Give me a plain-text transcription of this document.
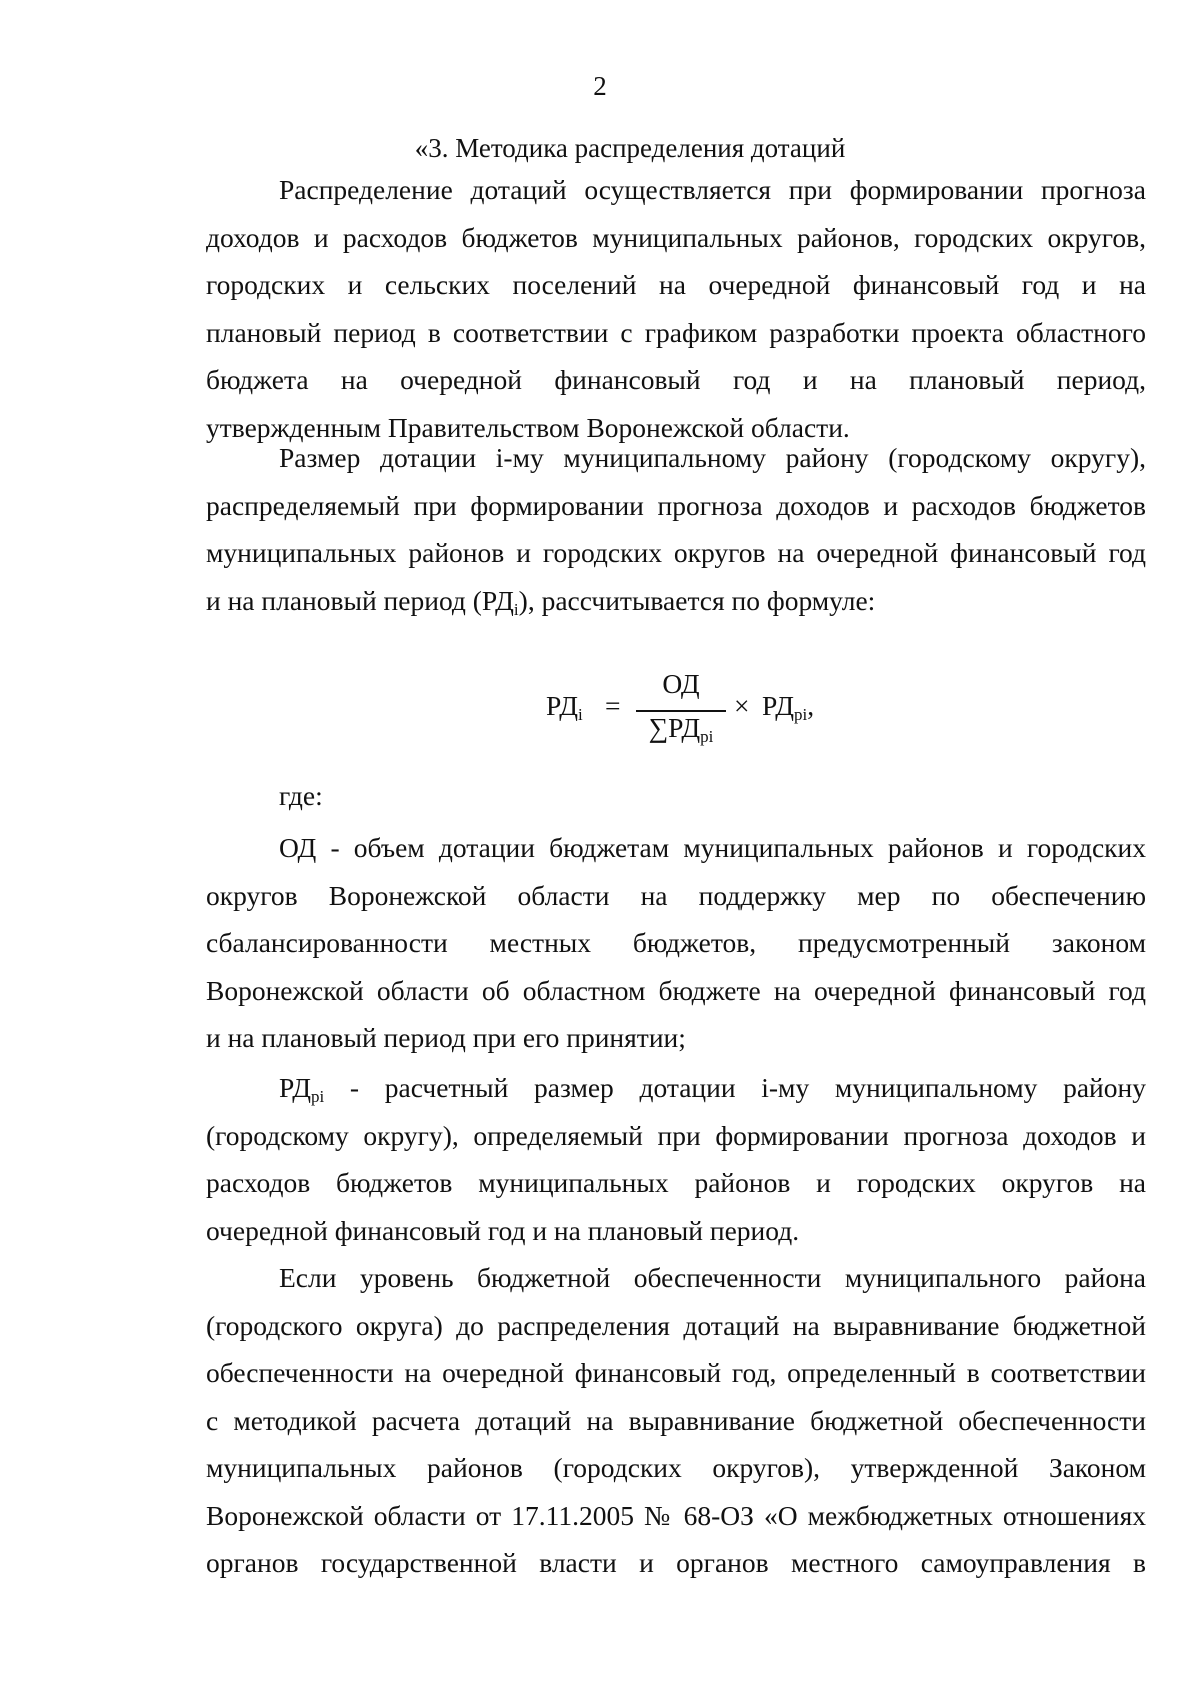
2
«3. Методика распределения дотаций
Распределение дотаций осуществляется при формировании прогноза
доходов и расходов бюджетов муниципальных районов, городских округов,
городских и сельских поселений на очередной финансовый год и на
плановый период в соответствии с графиком разработки проекта областного
бюджета на очередной финансовый год и на плановый период,
утвержденным Правительством Воронежской области.
Размер дотации i-му муниципальному району (городскому округу),
распределяемый при формировании прогноза доходов и расходов бюджетов
муниципальных районов и городских округов на очередной финансовый год
и на плановый период $(РД_i)$, рассчитывается по формуле:
$РД_i$ =
ОД
$\sum РД_{pi}$
× $РД_{pi}$,
где:
ОД - объем дотации бюджетам муниципальных районов и городских
округов Воронежской области на поддержку мер по обеспечению
сбалансированности местных бюджетов, предусмотренный законом
Воронежской области об областном бюджете на очередной финансовый год
и на плановый период при его принятии;
$РД_{pi}$ - расчетный размер дотации i-му муниципальному району
(городскому округу), определяемый при формировании прогноза доходов и
расходов бюджетов муниципальных районов и городских округов на
очередной финансовый год и на плановый период.
Если уровень бюджетной обеспеченности муниципального района
(городского округа) до распределения дотаций на выравнивание бюджетной
обеспеченности на очередной финансовый год, определенный в соответствии
с методикой расчета дотаций на выравнивание бюджетной обеспеченности
муниципальных районов (городских округов), утвержденной Законом
Воронежской области от 17.11.2005 № 68-ОЗ «О межбюджетных отношениях
органов государственной власти и органов местного самоуправления в
